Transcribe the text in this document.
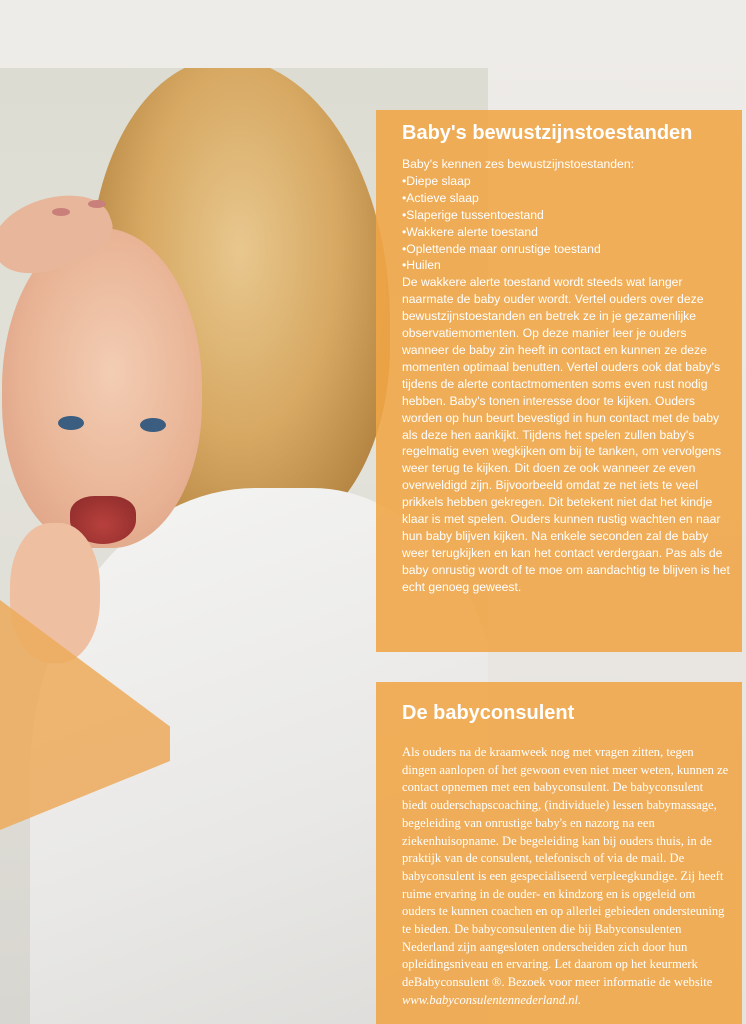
Baby's bewustzijnstoestanden

Baby's kennen zes bewustzijnstoestanden:

• Diepe slaap
• Actieve slaap
• Slaperige tussentoestand
• Wakkere alerte toestand
• Oplettende maar onrustige toestand
• Huilen

De wakkere alerte toestand wordt steeds wat langer naarmate de baby ouder wordt. Vertel ouders over deze bewustzijnstoestanden en betrek ze in je gezamenlijke observatiemomenten. Op deze manier leer je ouders wanneer de baby zin heeft in contact en kunnen ze deze momenten optimaal benutten. Vertel ouders ook dat baby's tijdens de alerte contactmomenten soms even rust nodig hebben. Baby's tonen interesse door te kijken. Ouders worden op hun beurt bevestigd in hun contact met de baby als deze hen aankijkt. Tijdens het spelen zullen baby's regelmatig even wegkijken om bij te tanken, om vervolgens weer terug te kijken. Dit doen ze ook wanneer ze even overweldigd zijn. Bijvoorbeeld omdat ze net iets te veel prikkels hebben gekregen. Dit betekent niet dat het kindje klaar is met spelen. Ouders kunnen rustig wachten en naar hun baby blijven kijken. Na enkele seconden zal de baby weer terugkijken en kan het contact verdergaan. Pas als de baby onrustig wordt of te moe om aandachtig te blijven is het echt genoeg geweest.

De babyconsulent

Als ouders na de kraamweek nog met vragen zitten, tegen dingen aanlopen of het gewoon even niet meer weten, kunnen ze contact opnemen met een babyconsulent. De babyconsulent biedt ouderschapscoaching, (individuele) lessen babymassage, begeleiding van onrustige baby's en nazorg na een ziekenhuisopname. De begeleiding kan bij ouders thuis, in de praktijk van de consulent, telefonisch of via de mail. De babyconsulent is een gespecialiseerd verpleegkundige. Zij heeft ruime ervaring in de ouder- en kindzorg en is opgeleid om ouders te kunnen coachen en op allerlei gebieden ondersteuning te bieden. De babyconsulenten die bij Babyconsulenten Nederland zijn aangesloten onderscheiden zich door hun opleidingsniveau en ervaring. Let daarom op het keurmerk deBabyconsulent ®. Bezoek voor meer informatie de website www.babyconsulentennederland.nl.
